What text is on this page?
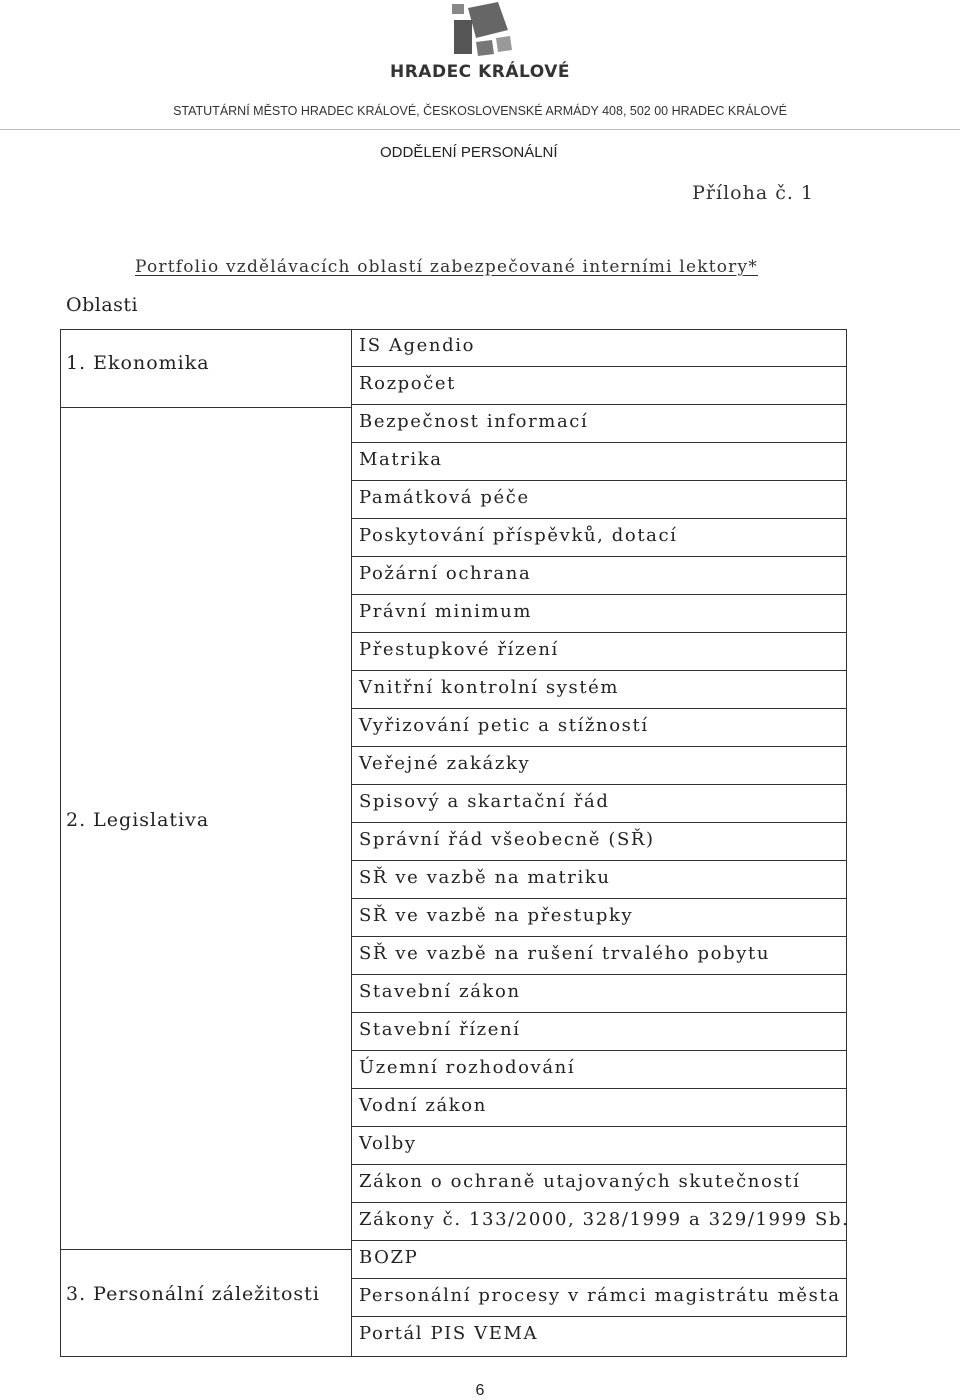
HRADEC KRÁLOVÉ
STATUTÁRNÍ MĚSTO HRADEC KRÁLOVÉ, ČESKOSLOVENSKÉ ARMÁDY 408, 502 00 HRADEC KRÁLOVÉ
ODDĚLENÍ PERSONÁLNÍ
Příloha č. 1
Portfolio vzdělávacích oblastí zabezpečované interními lektory*
Oblasti
1. Ekonomika
2. Legislativa
3. Personální záležitosti
IS Agendio
Rozpočet
Bezpečnost informací
Matrika
Památková péče
Poskytování příspěvků, dotací
Požární ochrana
Právní minimum
Přestupkové řízení
Vnitřní kontrolní systém
Vyřizování petic a stížností
Veřejné zakázky
Spisový a skartační řád
Správní řád všeobecně (SŘ)
SŘ ve vazbě na matriku
SŘ ve vazbě na přestupky
SŘ ve vazbě na rušení trvalého pobytu
Stavební zákon
Stavební řízení
Územní rozhodování
Vodní zákon
Volby
Zákon o ochraně utajovaných skutečností
Zákony č. 133/2000, 328/1999 a 329/1999 Sb.
BOZP
Personální procesy v rámci magistrátu města
Portál PIS VEMA
6
